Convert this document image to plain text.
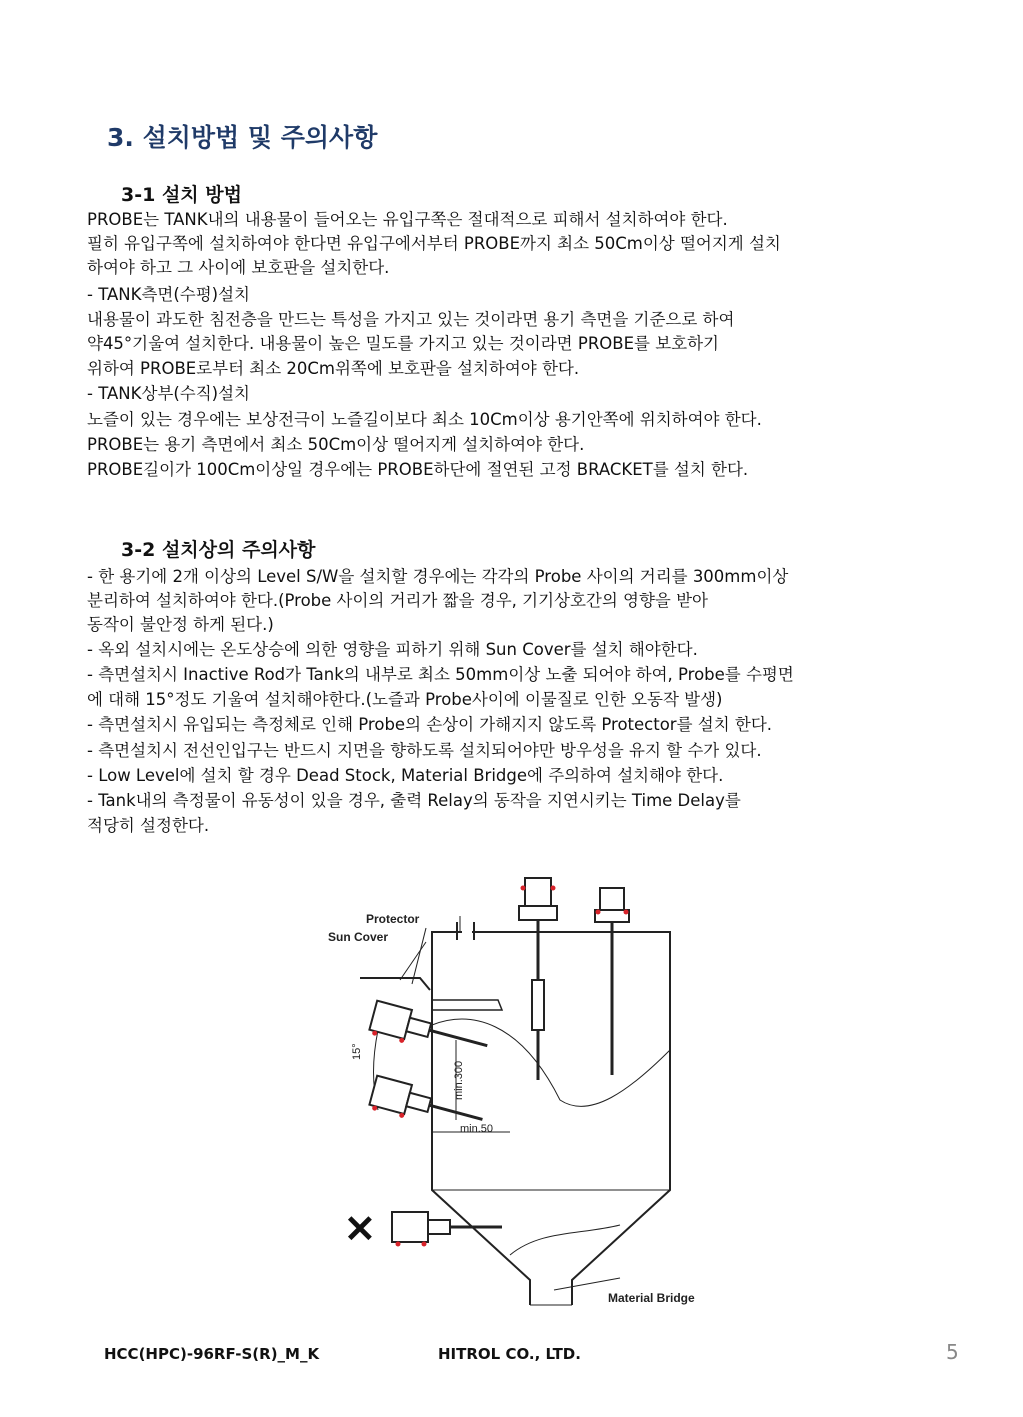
3. 설치방법 및 주의사항
3-1 설치 방법
PROBE는 TANK내의 내용물이 들어오는 유입구쪽은 절대적으로 피해서 설치하여야 한다.
필히 유입구쪽에 설치하여야 한다면 유입구에서부터 PROBE까지 최소 50Cm이상 떨어지게 설치
하여야 하고 그 사이에 보호판을 설치한다.
- TANK측면(수평)설치
내용물이 과도한 침전층을 만드는 특성을 가지고 있는 것이라면 용기 측면을 기준으로 하여
약45°기울여 설치한다. 내용물이 높은 밀도를 가지고 있는 것이라면 PROBE를 보호하기
위하여 PROBE로부터 최소 20Cm위쪽에 보호판을 설치하여야 한다.
- TANK상부(수직)설치
노즐이 있는 경우에는 보상전극이 노즐길이보다 최소 10Cm이상 용기안쪽에 위치하여야 한다.
PROBE는 용기 측면에서 최소 50Cm이상 떨어지게 설치하여야 한다.
PROBE길이가 100Cm이상일 경우에는 PROBE하단에 절연된 고정 BRACKET를 설치 한다.
3-2 설치상의 주의사항
- 한 용기에 2개 이상의 Level S/W을 설치할 경우에는 각각의 Probe 사이의 거리를 300mm이상
분리하여 설치하여야 한다.(Probe 사이의 거리가 짧을 경우, 기기상호간의 영향을 받아
동작이 불안정 하게 된다.)
- 옥외 설치시에는 온도상승에 의한 영향을 피하기 위해 Sun Cover를 설치 해야한다.
- 측면설치시 Inactive Rod가 Tank의 내부로 최소 50mm이상 노출 되어야 하여, Probe를 수평면
에 대해 15°정도 기울여 설치해야한다.(노즐과 Probe사이에 이물질로 인한 오동작 발생)
- 측면설치시 유입되는 측정체로 인해 Probe의 손상이 가해지지 않도록 Protector를 설치 한다.
- 측면설치시 전선인입구는 반드시 지면을 향하도록 설치되어야만 방우성을 유지 할 수가 있다.
- Low Level에 설치 할 경우 Dead Stock, Material Bridge에 주의하여 설치해야 한다.
- Tank내의 측정물이 유동성이 있을 경우, 출력 Relay의 동작을 지연시키는 Time Delay를
적당히 설정한다.
Protector
Sun Cover
15°
min.300
min.50
✕
Material Bridge
HCC(HPC)-96RF-S(R)_M_K	HITROL CO., LTD.	5
